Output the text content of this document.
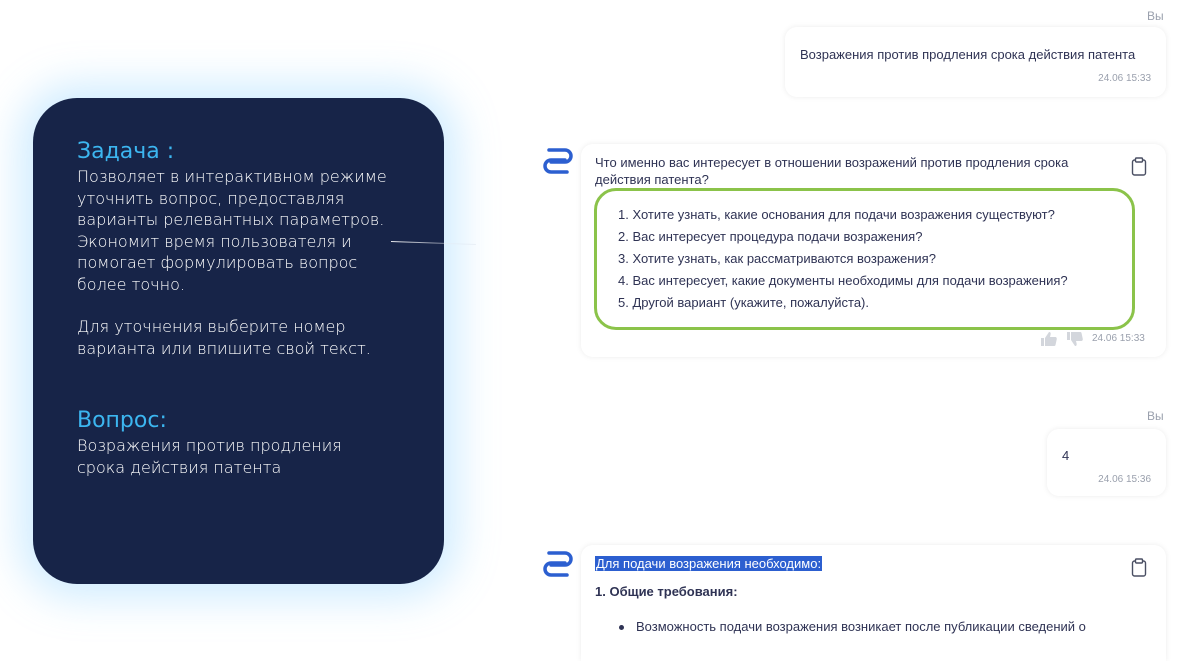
Задача :
Позволяет в интерактивном режиме
уточнить вопрос, предоставляя
варианты релевантных параметров.
Экономит время пользователя и
помогает формулировать вопрос
более точно.
Для уточнения выберите номер
варианта или впишите свой текст.
Вопрос:
Возражения против продления
срока действия патента
Вы
Возражения против продления срока действия патента
24.06 15:33
Что именно вас интересует в отношении возражений против продления срока
действия патента?
24.06 15:33
1. Хотите узнать, какие основания для подачи возражения существуют?
2. Вас интересует процедура подачи возражения?
3. Хотите узнать, как рассматриваются возражения?
4. Вас интересует, какие документы необходимы для подачи возражения?
5. Другой вариант (укажите, пожалуйста).
Вы
4
24.06 15:36
Для подачи возражения необходимо:
1. Общие требования:
Возможность подачи возражения возникает после публикации сведений о
